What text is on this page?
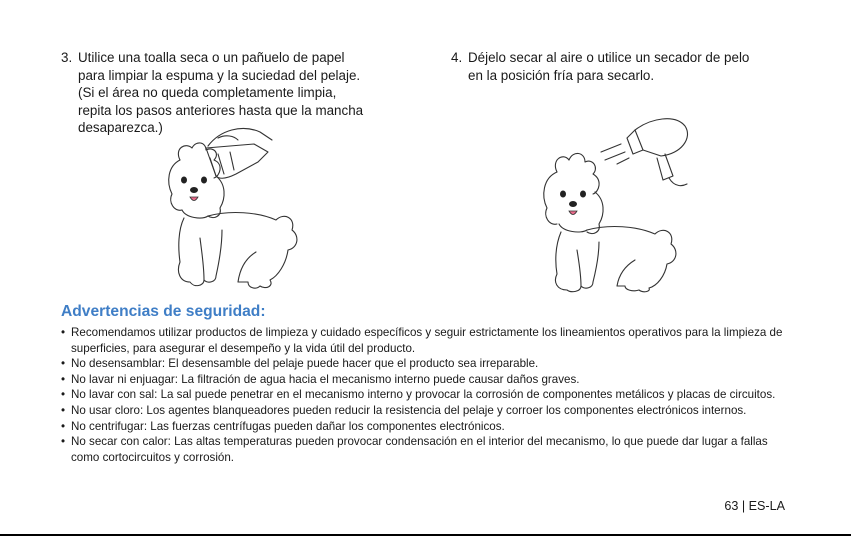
3. Utilice una toalla seca o un pañuelo de papel
para limpiar la espuma y la suciedad del pelaje.
(Si el área no queda completamente limpia,
repita los pasos anteriores hasta que la mancha
desaparezca.)
4. Déjelo secar al aire o utilice un secador de pelo
en la posición fría para secarlo.
Advertencias de seguridad:
• Recomendamos utilizar productos de limpieza y cuidado específicos y seguir estrictamente los lineamientos operativos para la limpieza de superficies, para asegurar el desempeño y la vida útil del producto.
• No desensamblar: El desensamble del pelaje puede hacer que el producto sea irreparable.
• No lavar ni enjuagar: La filtración de agua hacia el mecanismo interno puede causar daños graves.
• No lavar con sal: La sal puede penetrar en el mecanismo interno y provocar la corrosión de componentes metálicos y placas de circuitos.
• No usar cloro: Los agentes blanqueadores pueden reducir la resistencia del pelaje y corroer los componentes electrónicos internos.
• No centrifugar: Las fuerzas centrífugas pueden dañar los componentes electrónicos.
• No secar con calor: Las altas temperaturas pueden provocar condensación en el interior del mecanismo, lo que puede dar lugar a fallas como cortocircuitos y corrosión.
63 | ES-LA
